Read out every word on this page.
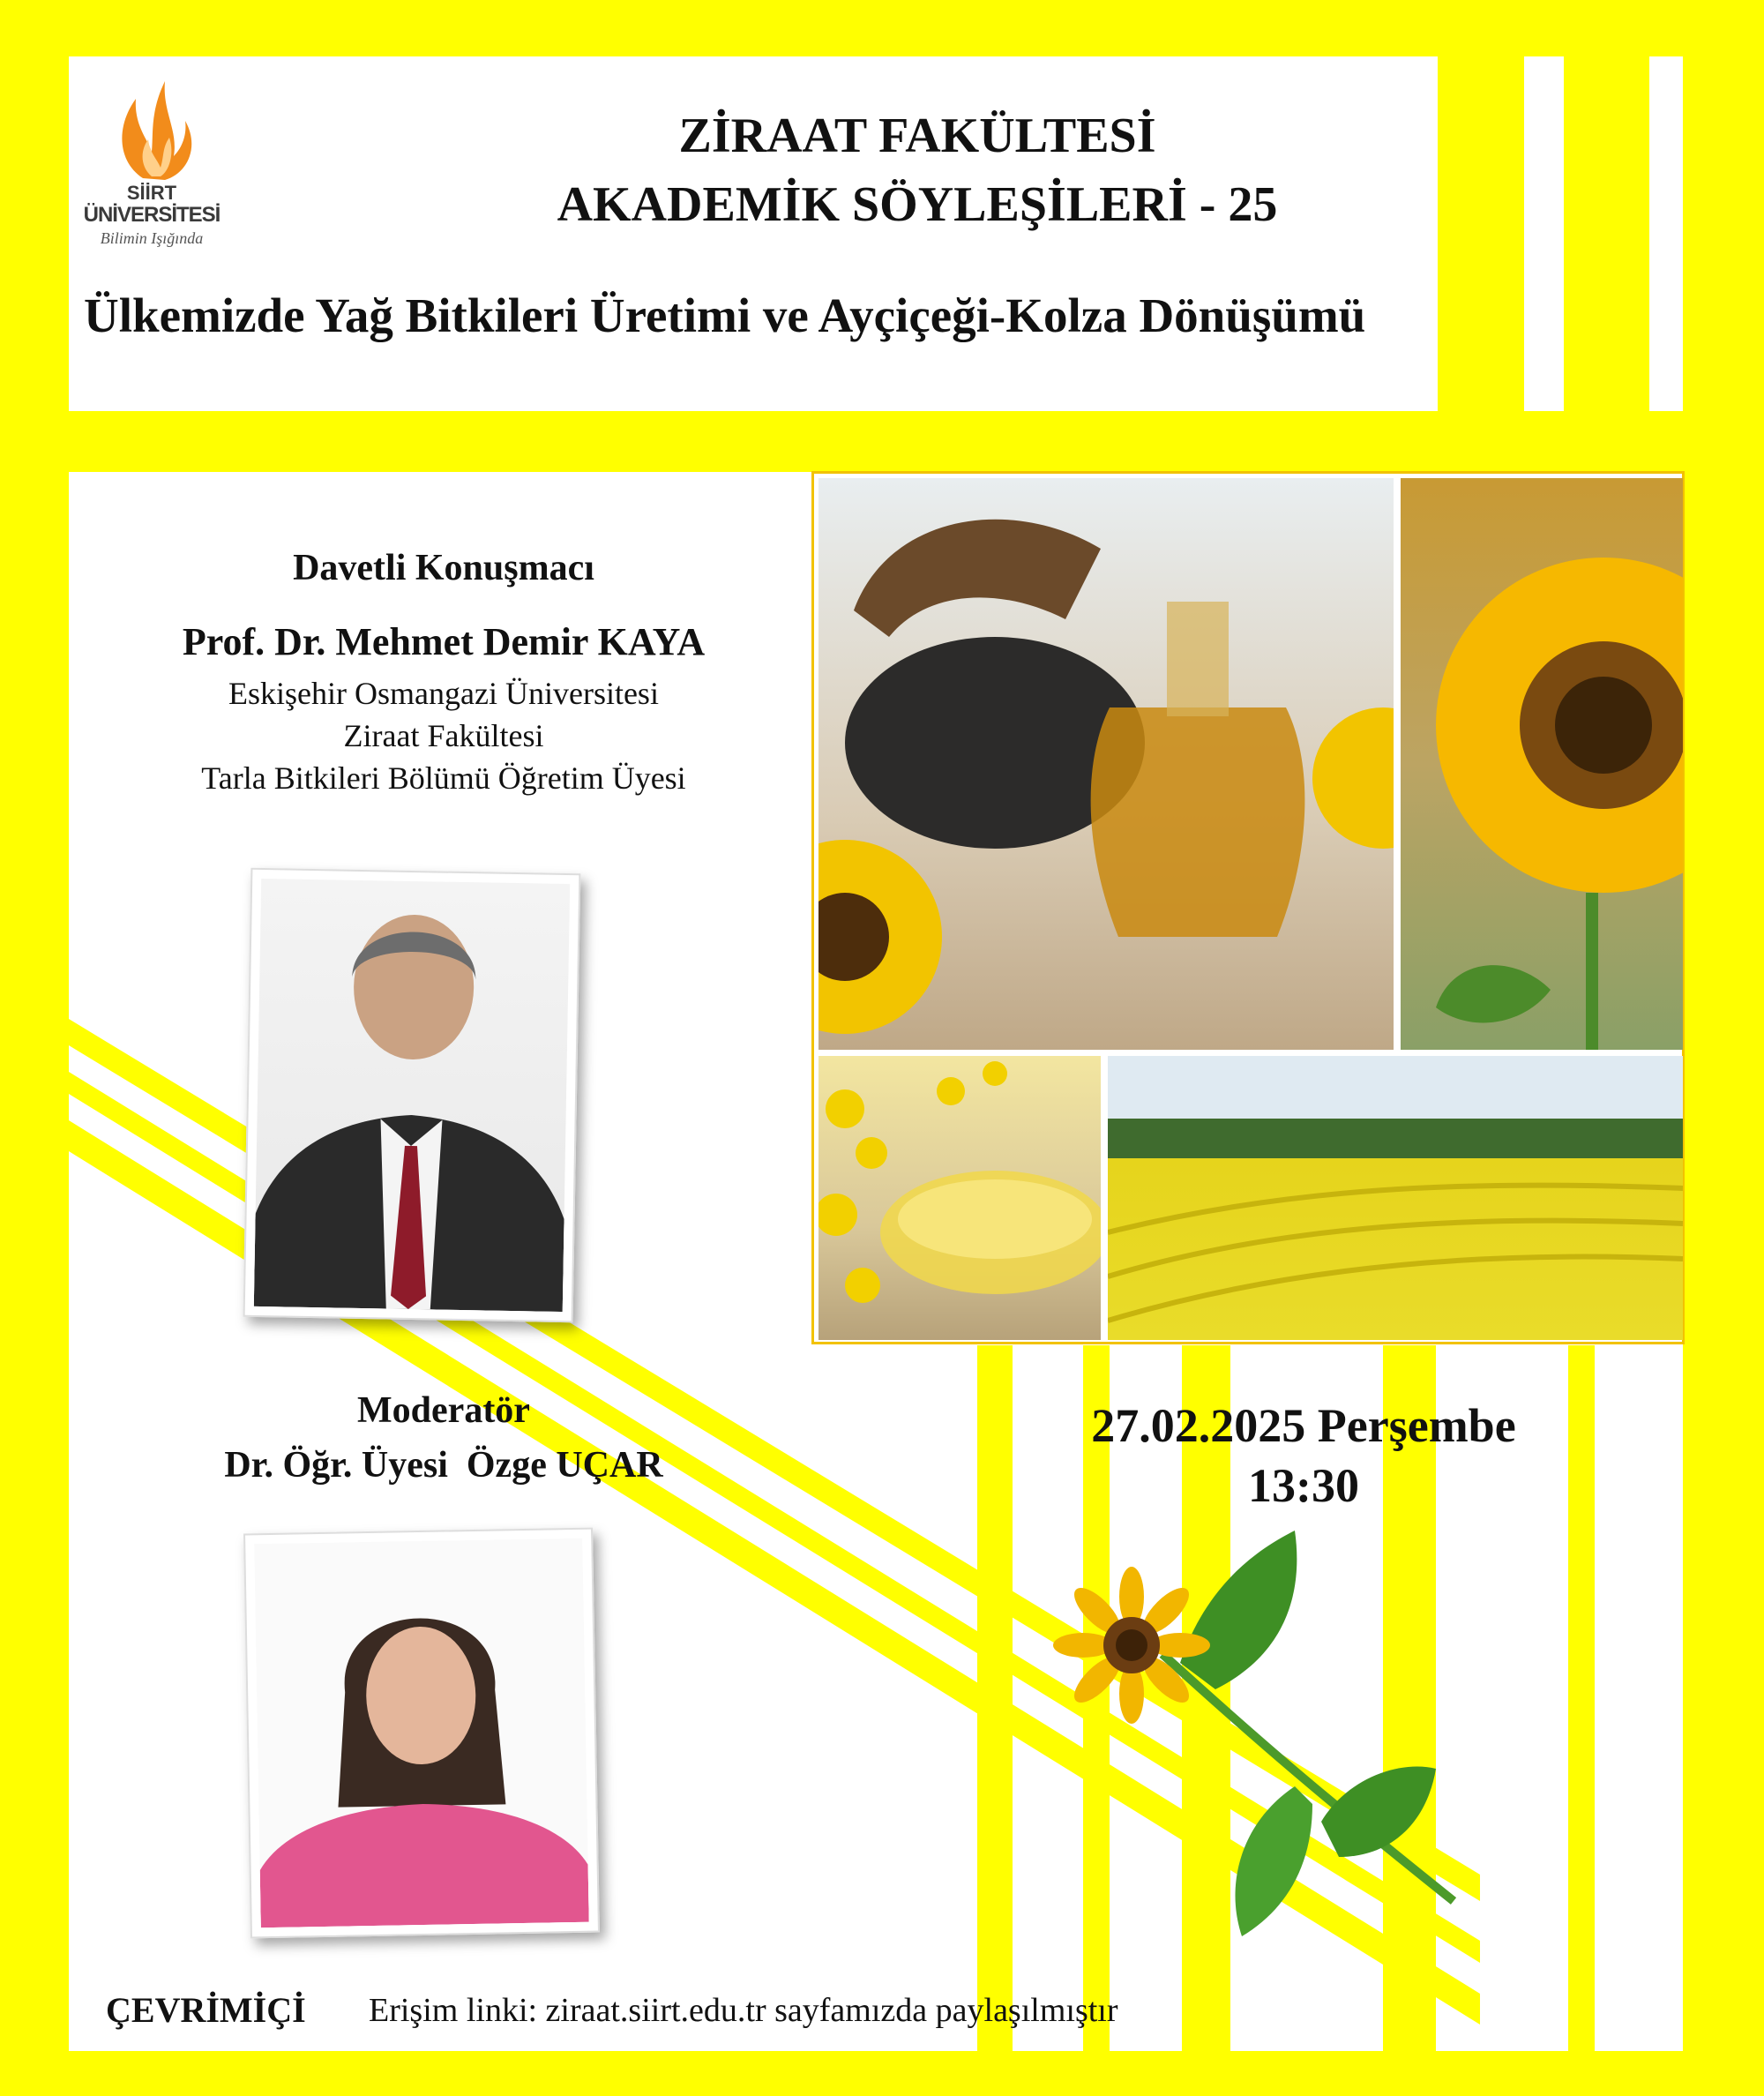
SİİRT
ÜNİVERSİTESİ
Bilimin Işığında
ZİRAAT FAKÜLTESİ
AKADEMİK SÖYLEŞİLERİ - 25
Ülkemizde Yağ Bitkileri Üretimi ve Ayçiçeği-Kolza Dönüşümü
Davetli Konuşmacı
Prof. Dr. Mehmet Demir KAYA
Eskişehir Osmangazi Üniversitesi
Ziraat Fakültesi
Tarla Bitkileri Bölümü Öğretim Üyesi
Moderatör
Dr. Öğr. Üyesi  Özge UÇAR
27.02.2025 Perşembe
13:30
ÇEVRİMİÇİ Erişim linki: ziraat.siirt.edu.tr sayfamızda paylaşılmıştır
